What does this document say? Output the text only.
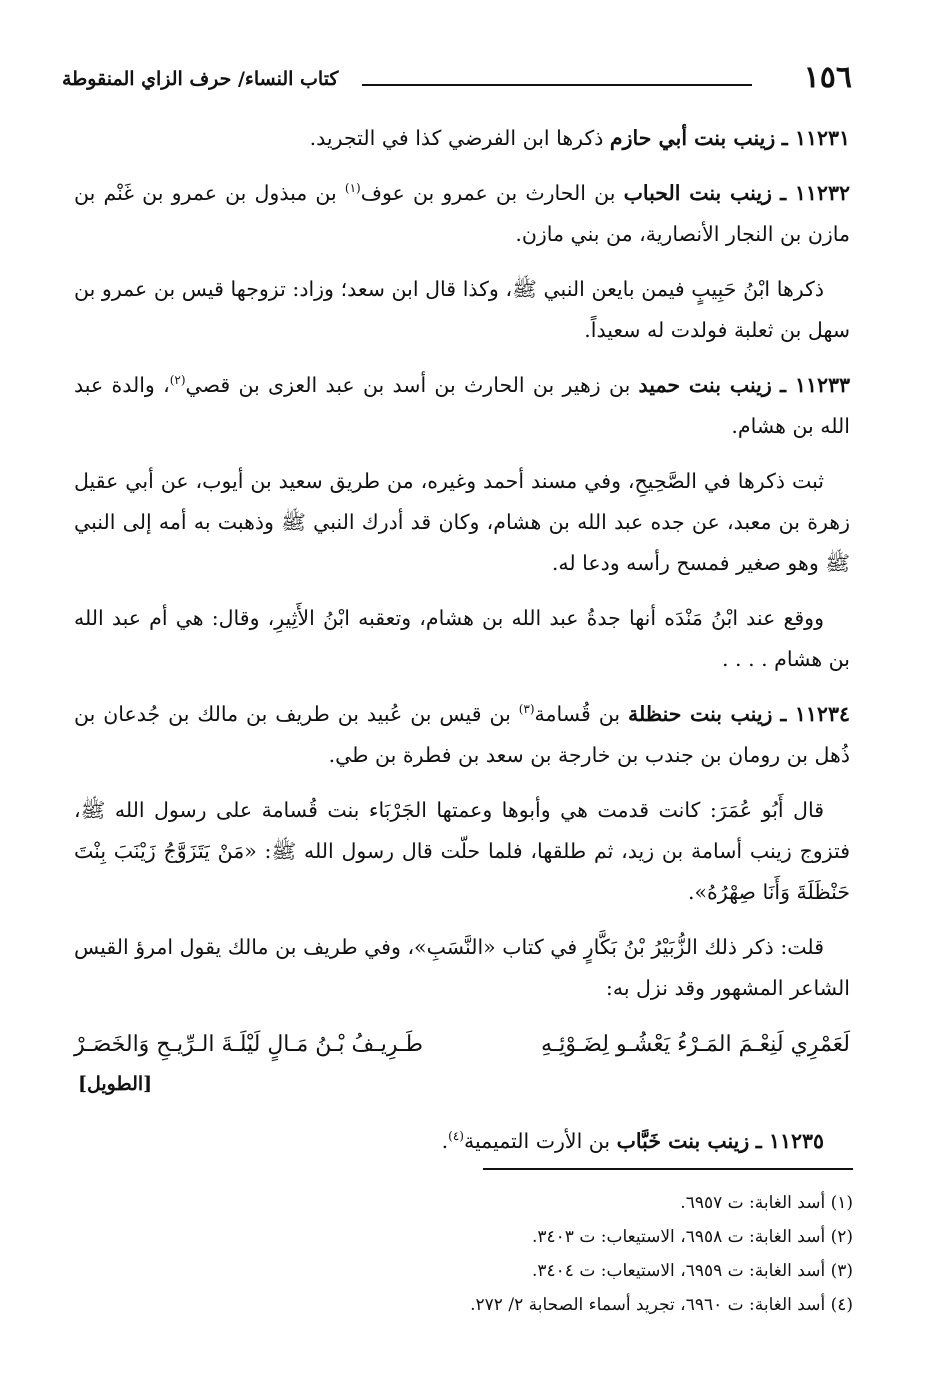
١٥٦
كتاب النساء/ حرف الزاي المنقوطة

١١٢٣١ ـ زينب بنت أبي حازم ذكرها ابن الفرضي كذا في التجريد.

١١٢٣٢ ـ زينب بنت الحباب بن الحارث بن عمرو بن عوف$^{(١)}$ بن مبذول بن عمرو بن غَنْم بن مازن بن النجار الأنصارية، من بني مازن.

ذكرها ابْنُ حَبِيبٍ فيمن بايعن النبي ﷺ، وكذا قال ابن سعد؛ وزاد: تزوجها قيس بن عمرو بن سهل بن ثعلبة فولدت له سعيداً.

١١٢٣٣ ـ زينب بنت حميد بن زهير بن الحارث بن أسد بن عبد العزى بن قصي$^{(٢)}$، والدة عبد الله بن هشام.

ثبت ذكرها في الصَّحِيحِ، وفي مسند أحمد وغيره، من طريق سعيد بن أيوب، عن أبي عقيل زهرة بن معبد، عن جده عبد الله بن هشام، وكان قد أدرك النبي ﷺ وذهبت به أمه إلى النبي ﷺ وهو صغير فمسح رأسه ودعا له.

ووقع عند ابْنُ مَنْدَه أنها جدةُ عبد الله بن هشام، وتعقبه ابْنُ الأَثِيرِ، وقال: هي أم عبد الله بن هشام . . . .

١١٢٣٤ ـ زينب بنت حنظلة بن قُسامة$^{(٣)}$ بن قيس بن عُبيد بن طريف بن مالك بن جُدعان بن ذُهل بن رومان بن جندب بن خارجة بن سعد بن فطرة بن طي.

قال أَبُو عُمَرَ: كانت قدمت هي وأبوها وعمتها الجَرْبَاء بنت قُسامة على رسول الله ﷺ، فتزوج زينب أسامة بن زيد، ثم طلقها، فلما حلّت قال رسول الله ﷺ: «مَنْ يَتَزَوَّجُ زَيْنَبَ بِنْتَ حَنْظَلَةَ وَأَنَا صِهْرُهُ».

قلت: ذكر ذلك الزُّبَيْرُ بْنُ بَكَّارٍ في كتاب «النَّسَبِ»، وفي طريف بن مالك يقول امرؤ القيس الشاعر المشهور وقد نزل به:

لَعَمْرِي لَنِعْـمَ المَـرْءُ يَعْشُـو لِضَـوْئِـهِ
طَـرِيـفُ بْـنُ مَـالٍ لَيْلَـةَ الـرِّيـحِ وَالخَصَـرْ
[الطويل]

١١٢٣٥ ـ زينب بنت خَبَّاب بن الأرت التميمية$^{(٤)}$.

(١) أسد الغابة: ت ٦٩٥٧.
(٢) أسد الغابة: ت ٦٩٥٨، الاستيعاب: ت ٣٤٠٣.
(٣) أسد الغابة: ت ٦٩٥٩، الاستيعاب: ت ٣٤٠٤.
(٤) أسد الغابة: ت ٦٩٦٠، تجريد أسماء الصحابة ٢/ ٢٧٢.
